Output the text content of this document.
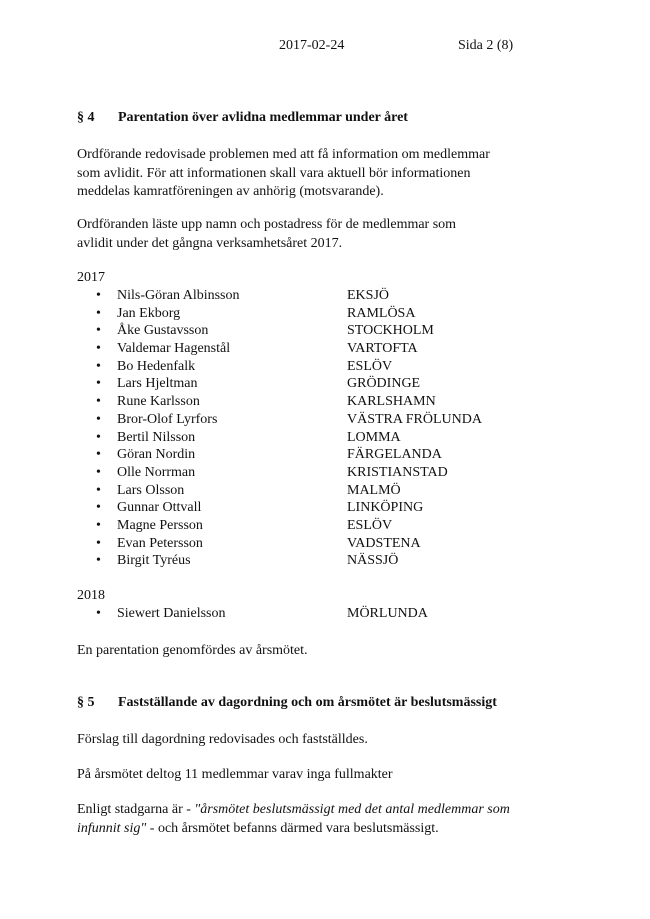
2017-02-24	Sida 2 (8)
§ 4 Parentation över avlidna medlemmar under året
Ordförande redovisade problemen med att få information om medlemmar
som avlidit. För att informationen skall vara aktuell bör informationen
meddelas kamratföreningen av anhörig (motsvarande).
Ordföranden läste upp namn och postadress för de medlemmar som
avlidit under det gångna verksamhetsåret 2017.
2017
• Nils-Göran Albinsson	EKSJÖ
• Jan Ekborg	RAMLÖSA
• Åke Gustavsson	STOCKHOLM
• Valdemar Hagenstål	VARTOFTA
• Bo Hedenfalk	ESLÖV
• Lars Hjeltman	GRÖDINGE
• Rune Karlsson	KARLSHAMN
• Bror-Olof Lyrfors	VÄSTRA FRÖLUNDA
• Bertil Nilsson	LOMMA
• Göran Nordin	FÄRGELANDA
• Olle Norrman	KRISTIANSTAD
• Lars Olsson	MALMÖ
• Gunnar Ottvall	LINKÖPING
• Magne Persson	ESLÖV
• Evan Petersson	VADSTENA
• Birgit Tyréus	NÄSSJÖ
2018
• Siewert Danielsson	MÖRLUNDA
En parentation genomfördes av årsmötet.
§ 5 Fastställande av dagordning och om årsmötet är beslutsmässigt
Förslag till dagordning redovisades och fastställdes.
På årsmötet deltog 11 medlemmar varav inga fullmakter
Enligt stadgarna är - "årsmötet beslutsmässigt med det antal medlemmar som
infunnit sig" - och årsmötet befanns därmed vara beslutsmässigt.
